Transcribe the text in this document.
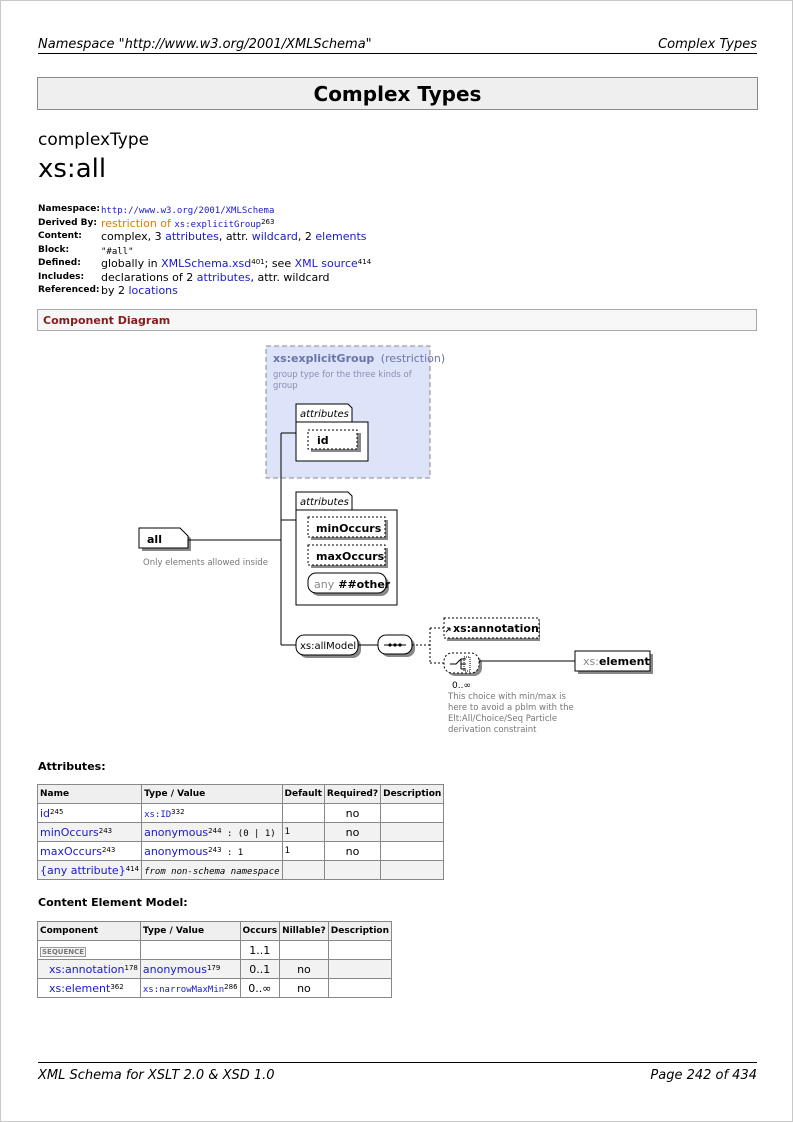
Namespace "http://www.w3.org/2001/XMLSchema"	Complex Types
Complex Types
complexType
xs:all
Namespace: http://www.w3.org/2001/XMLSchema
Derived By: restriction of xs:explicitGroup$^{263}$
Content: complex, 3 attributes, attr. wildcard, 2 elements
Block:	"#all"
Defined: globally in XMLSchema.xsd$^{401}$; see XML source$^{414}$
Includes: declarations of 2 attributes, attr. wildcard
Referenced: by 2 locations
Component Diagram
xs:explicitGroup (restriction)
group type for the three kinds of
group
attributes
id
attributes
minOccurs
maxOccurs
any ##other
all
Only elements allowed inside
xs:allModel
xs:annotation
0..∞
This choice with min/max is
here to avoid a pblm with the
Elt:All/Choice/Seq Particle
derivation constraint
xs:element
Attributes:
Name	Type / Value	Default	Required?	Description
$id^{245}$	xs:ID$^{332}$		no	
minOccurs$^{243}$	anonymous$^{244}$ : (0 | 1)	1	no	
maxOccurs$^{243}$	anonymous$^{243}$ : 1	1	no	
{any attribute}$^{414}$	from non-schema namespace			
Content Element Model:
Component	Type / Value	Occurs	Nillable?	Description
SEQUENCE		1..1		
xs:annotation$^{178}$	anonymous$^{179}$	0..1	no	
xs:element$^{362}$	xs:narrowMaxMin$^{286}$	0..∞	no	
XML Schema for XSLT 2.0 & XSD 1.0	Page 242 of 434
